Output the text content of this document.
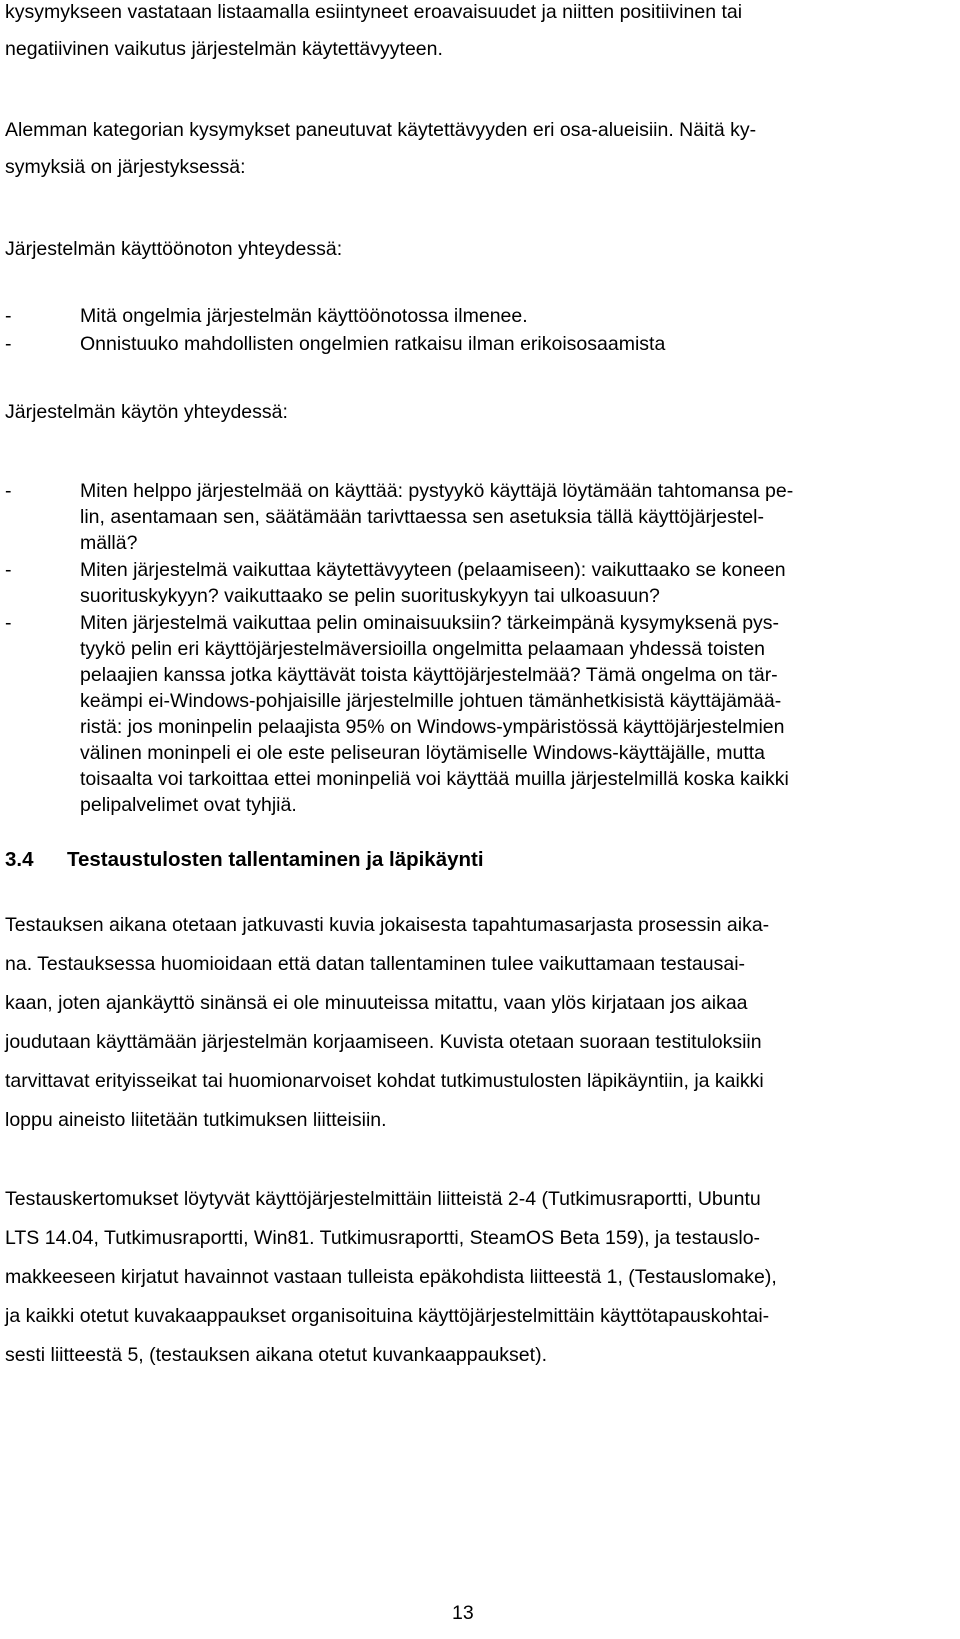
kysymykseen vastataan listaamalla esiintyneet eroavaisuudet ja niitten positiivinen tai
negatiivinen vaikutus järjestelmän käytettävyyteen.
Alemman kategorian kysymykset paneutuvat käytettävyyden eri osa-alueisiin. Näitä ky-
symyksiä on järjestyksessä:
Järjestelmän käyttöönoton yhteydessä:
-	Mitä ongelmia järjestelmän käyttöönotossa ilmenee.
-	Onnistuuko mahdollisten ongelmien ratkaisu ilman erikoisosaamista
Järjestelmän käytön yhteydessä:
-	Miten helppo järjestelmää on käyttää: pystyykö käyttäjä löytämään tahtomansa pe-
lin, asentamaan sen, säätämään tarivttaessa sen asetuksia tällä käyttöjärjestel-
mällä?
-	Miten järjestelmä vaikuttaa käytettävyyteen (pelaamiseen): vaikuttaako se koneen
suorituskykyyn? vaikuttaako se pelin suorituskykyyn tai ulkoasuun?
-	Miten järjestelmä vaikuttaa pelin ominaisuuksiin? tärkeimpänä kysymyksenä pys-
tyykö pelin eri käyttöjärjestelmäversioilla ongelmitta pelaamaan yhdessä toisten
pelaajien kanssa jotka käyttävät toista käyttöjärjestelmää? Tämä ongelma on tär-
keämpi ei-Windows-pohjaisille järjestelmille johtuen tämänhetkisistä käyttäjämää-
ristä: jos moninpelin pelaajista 95% on Windows-ympäristössä käyttöjärjestelmien
välinen moninpeli ei ole este peliseuran löytämiselle Windows-käyttäjälle, mutta
toisaalta voi tarkoittaa ettei moninpeliä voi käyttää muilla järjestelmillä koska kaikki
pelipalvelimet ovat tyhjiä.
3.4 Testaustulosten tallentaminen ja läpikäynti
Testauksen aikana otetaan jatkuvasti kuvia jokaisesta tapahtumasarjasta prosessin aika-
na. Testauksessa huomioidaan että datan tallentaminen tulee vaikuttamaan testausai-
kaan, joten ajankäyttö sinänsä ei ole minuuteissa mitattu, vaan ylös kirjataan jos aikaa
joudutaan käyttämään järjestelmän korjaamiseen. Kuvista otetaan suoraan testituloksiin
tarvittavat erityisseikat tai huomionarvoiset kohdat tutkimustulosten läpikäyntiin, ja kaikki
loppu aineisto liitetään tutkimuksen liitteisiin.
Testauskertomukset löytyvät käyttöjärjestelmittäin liitteistä 2-4 (Tutkimusraportti, Ubuntu
LTS 14.04, Tutkimusraportti, Win81. Tutkimusraportti, SteamOS Beta 159), ja testauslo-
makkeeseen kirjatut havainnot vastaan tulleista epäkohdista liitteestä 1, (Testauslomake),
ja kaikki otetut kuvakaappaukset organisoituina käyttöjärjestelmittäin käyttötapauskohtai-
sesti liitteestä 5, (testauksen aikana otetut kuvankaappaukset).
13
